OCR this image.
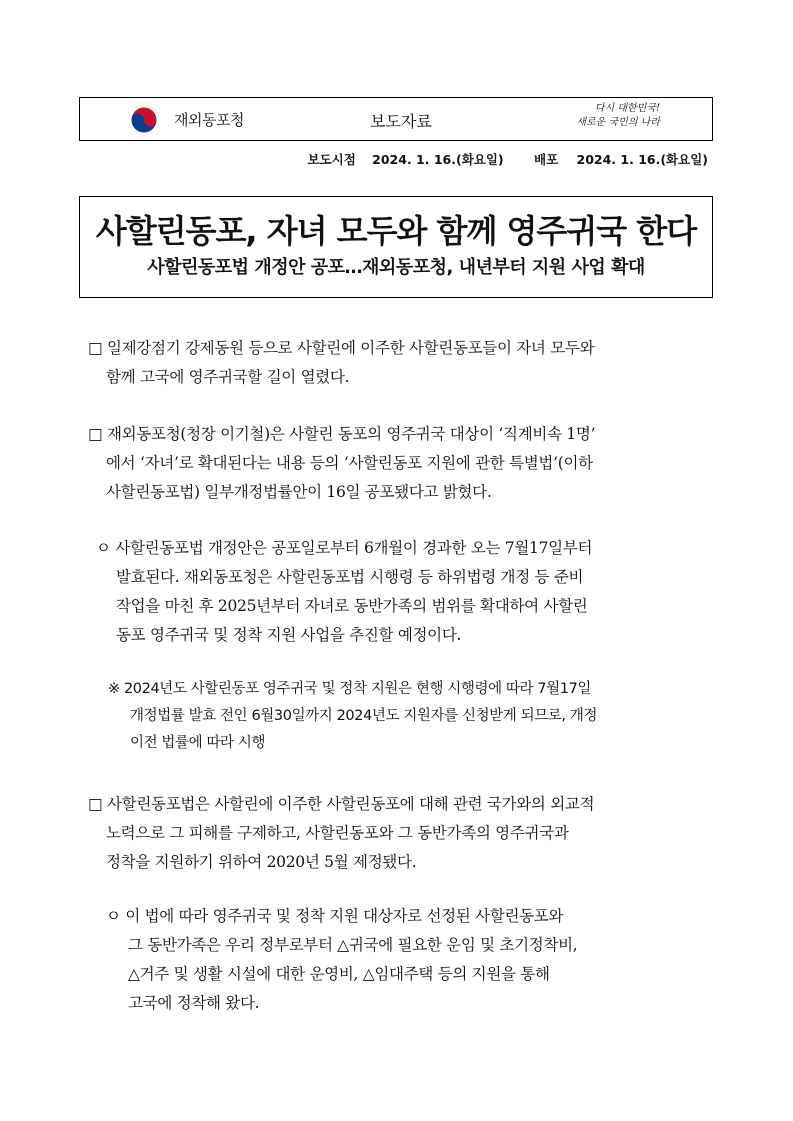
재외동포청	보도자료
다시 대한민국!
새로운 국민의 나라
보도시점 2024. 1. 16.(화요일) 배포 2024. 1. 16.(화요일)
사할린동포, 자녀 모두와 함께 영주귀국 한다
사할린동포법 개정안 공포…재외동포청, 내년부터 지원 사업 확대
□ 일제강점기 강제동원 등으로 사할린에 이주한 사할린동포들이 자녀 모두와
함께 고국에 영주귀국할 길이 열렸다.
□ 재외동포청(청장 이기철)은 사할린 동포의 영주귀국 대상이 ‘직계비속 1명’
에서 ‘자녀’로 확대된다는 내용 등의 ‘사할린동포 지원에 관한 특별법’(이하
사할린동포법) 일부개정법률안이 16일 공포됐다고 밝혔다.
ㅇ 사할린동포법 개정안은 공포일로부터 6개월이 경과한 오는 7월17일부터
발효된다. 재외동포청은 사할린동포법 시행령 등 하위법령 개정 등 준비
작업을 마친 후 2025년부터 자녀로 동반가족의 범위를 확대하여 사할린
동포 영주귀국 및 정착 지원 사업을 추진할 예정이다.
※ 2024년도 사할린동포 영주귀국 및 정착 지원은 현행 시행령에 따라 7월17일
개정법률 발효 전인 6월30일까지 2024년도 지원자를 신청받게 되므로, 개정
이전 법률에 따라 시행
□ 사할린동포법은 사할린에 이주한 사할린동포에 대해 관련 국가와의 외교적
노력으로 그 피해를 구제하고, 사할린동포와 그 동반가족의 영주귀국과
정착을 지원하기 위하여 2020년 5월 제정됐다.
ㅇ 이 법에 따라 영주귀국 및 정착 지원 대상자로 선정된 사할린동포와
그 동반가족은 우리 정부로부터 △귀국에 필요한 운임 및 초기정착비,
△거주 및 생활 시설에 대한 운영비, △임대주택 등의 지원을 통해
고국에 정착해 왔다.
